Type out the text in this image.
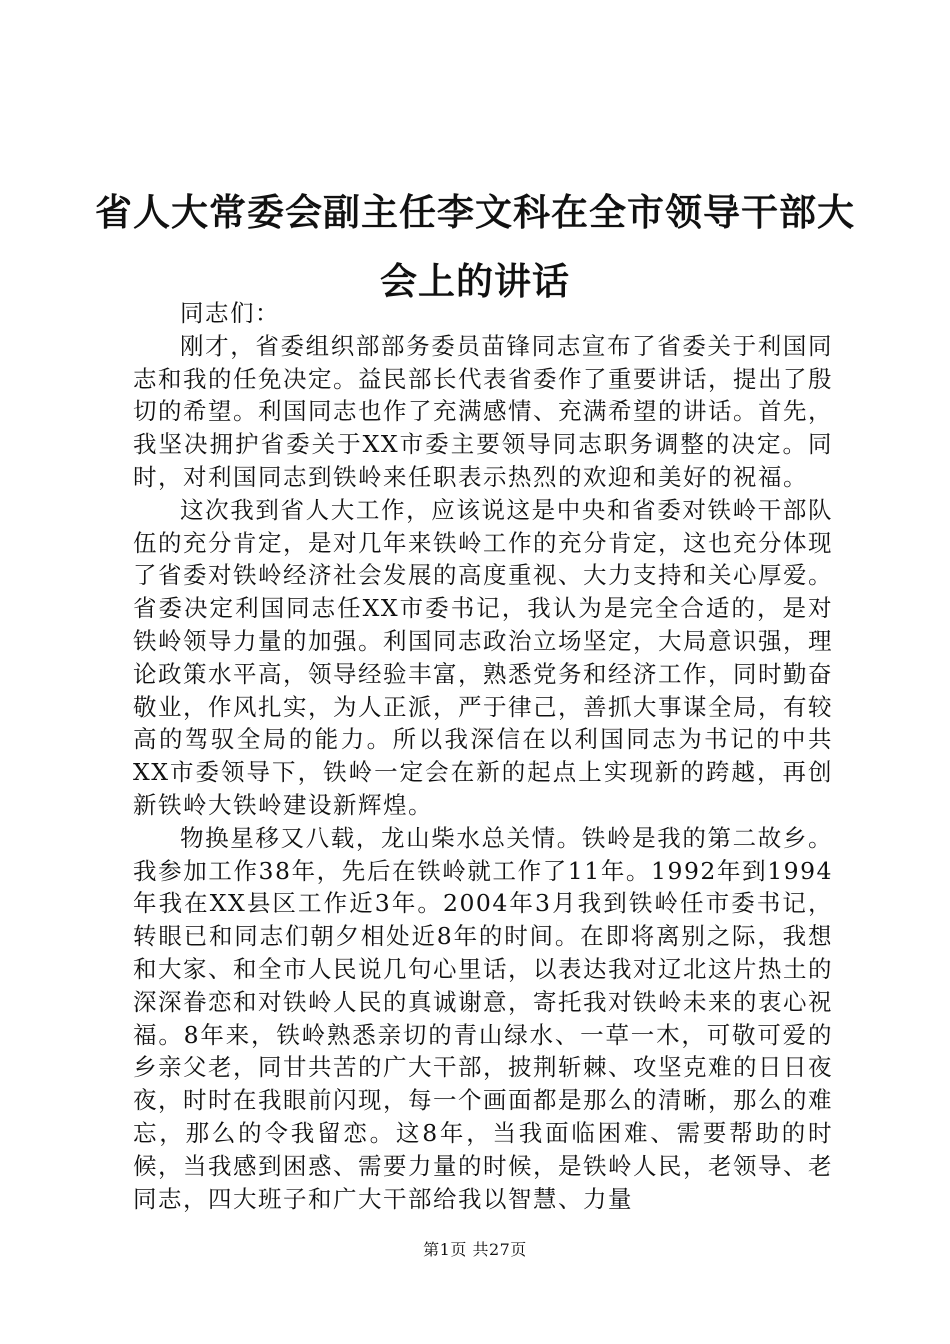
省人大常委会副主任李文科在全市领导干部大会上的讲话

同志们：

刚才，省委组织部部务委员苗锋同志宣布了省委关于利国同志和我的任免决定。益民部长代表省委作了重要讲话，提出了殷切的希望。利国同志也作了充满感情、充满希望的讲话。首先，我坚决拥护省委关于XX市委主要领导同志职务调整的决定。同时，对利国同志到铁岭来任职表示热烈的欢迎和美好的祝福。

这次我到省人大工作，应该说这是中央和省委对铁岭干部队伍的充分肯定，是对几年来铁岭工作的充分肯定，这也充分体现了省委对铁岭经济社会发展的高度重视、大力支持和关心厚爱。省委决定利国同志任XX市委书记，我认为是完全合适的，是对铁岭领导力量的加强。利国同志政治立场坚定，大局意识强，理论政策水平高，领导经验丰富，熟悉党务和经济工作，同时勤奋敬业，作风扎实，为人正派，严于律己，善抓大事谋全局，有较高的驾驭全局的能力。所以我深信在以利国同志为书记的中共XX市委领导下，铁岭一定会在新的起点上实现新的跨越，再创新铁岭大铁岭建设新辉煌。

物换星移又八载，龙山柴水总关情。铁岭是我的第二故乡。我参加工作38年，先后在铁岭就工作了11年。1992年到1994年我在XX县区工作近3年。2004年3月我到铁岭任市委书记，转眼已和同志们朝夕相处近8年的时间。在即将离别之际，我想和大家、和全市人民说几句心里话，以表达我对辽北这片热土的深深眷恋和对铁岭人民的真诚谢意，寄托我对铁岭未来的衷心祝福。8年来，铁岭熟悉亲切的青山绿水、一草一木，可敬可爱的乡亲父老，同甘共苦的广大干部，披荆斩棘、攻坚克难的日日夜夜，时时在我眼前闪现，每一个画面都是那么的清晰，那么的难忘，那么的令我留恋。这8年，当我面临困难、需要帮助的时候，当我感到困惑、需要力量的时候，是铁岭人民，老领导、老同志，四大班子和广大干部给我以智慧、力量

第1页 共27页
